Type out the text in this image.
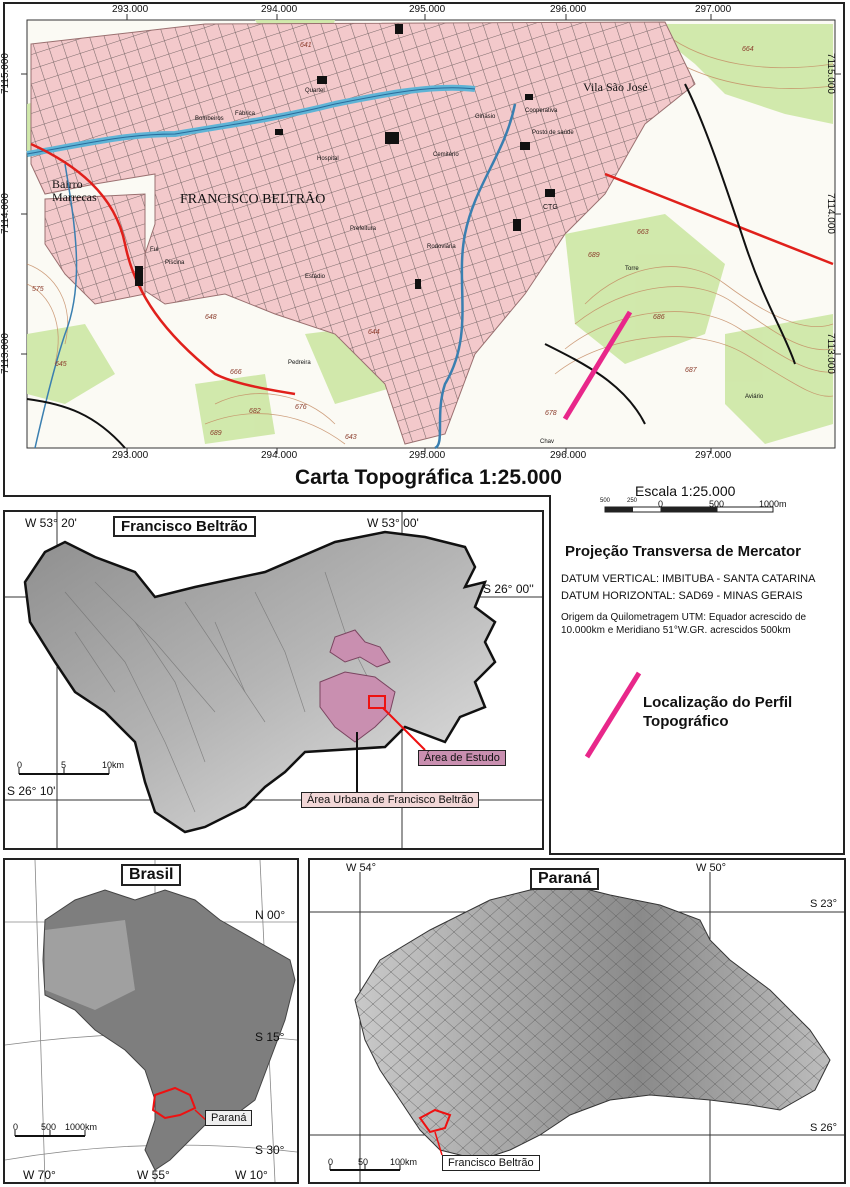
293.000	294.000	295.000	296.000	297.000
293.000	294.000	295.000	296.000	297.000
7115.000
7114.000
7113.000
7115.000
7114.000
7113.000
FRANCISCO BELTRÃO
Bairro Marrecas
Vila São José
Quartel
Bombeiros
Fábrica
Hospital
Cemitério
Ginásio
Posto de saúde
Cooperativa
Estádio
Prefeitura
Rodoviária
Torre
Pedreira
Piscina
Ful
CTG
Chav
Aviário
641
664
663
689
686
687
648
645
575
666
682
676
689
643
678
644
Carta Topográfica 1:25.000
Escala 1:25.000
500	250 0	500	1000m
Projeção Transversa de Mercator
DATUM VERTICAL: IMBITUBA - SANTA CATARINA
DATUM HORIZONTAL: SAD69 - MINAS GERAIS
Origem da Quilometragem UTM: Equador acrescido de 10.000km e Meridiano 51°W.GR. acrescidos 500km
Localização do Perfil Topográfico
Francisco Beltrão
W 53° 20'	W 53° 00'
S 26° 00''
S 26° 10'
0	5	10km
Área de Estudo
Área Urbana de Francisco Beltrão
Brasil
N 00°
S 15°
S 30°
W 70°	W 55°	W 10°
0	500 1000km
Paraná
Paraná
W 54°	W 50°
S 23°
S 26°
0	50 100km	Francisco Beltrão
